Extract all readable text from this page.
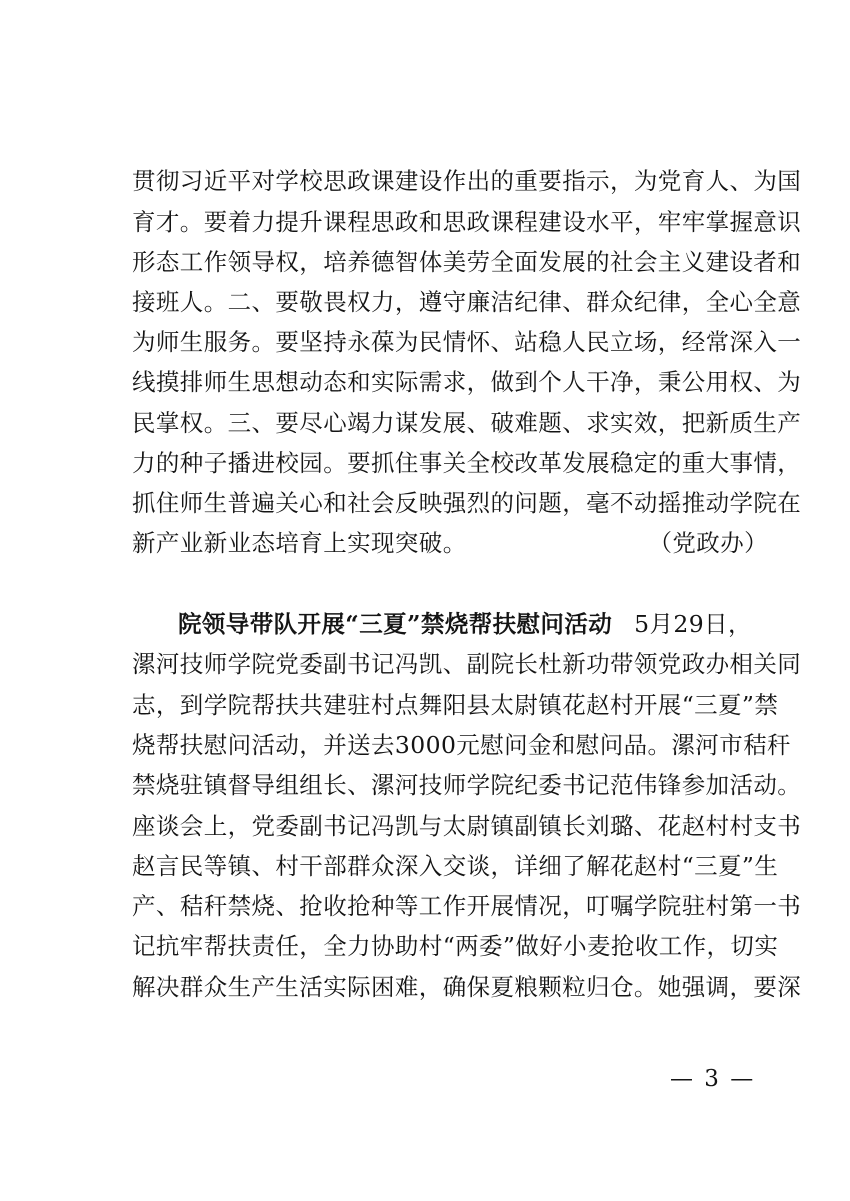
贯彻习近平对学校思政课建设作出的重要指示，为党育人、为国
育才。要着力提升课程思政和思政课程建设水平，牢牢掌握意识
形态工作领导权，培养德智体美劳全面发展的社会主义建设者和
接班人。二、要敬畏权力，遵守廉洁纪律、群众纪律，全心全意
为师生服务。要坚持永葆为民情怀、站稳人民立场，经常深入一
线摸排师生思想动态和实际需求，做到个人干净，秉公用权、为
民掌权。三、要尽心竭力谋发展、破难题、求实效，把新质生产
力的种子播进校园。要抓住事关全校改革发展稳定的重大事情，
抓住师生普遍关心和社会反映强烈的问题，毫不动摇推动学院在
新产业新业态培育上实现突破。	（党政办）
院领导带队开展“三夏”禁烧帮扶慰问活动 5月29日，
漯河技师学院党委副书记冯凯、副院长杜新功带领党政办相关同
志，到学院帮扶共建驻村点舞阳县太尉镇花赵村开展“三夏”禁
烧帮扶慰问活动，并送去3000元慰问金和慰问品。漯河市秸秆
禁烧驻镇督导组组长、漯河技师学院纪委书记范伟锋参加活动。
座谈会上，党委副书记冯凯与太尉镇副镇长刘璐、花赵村村支书
赵言民等镇、村干部群众深入交谈，详细了解花赵村“三夏”生
产、秸秆禁烧、抢收抢种等工作开展情况，叮嘱学院驻村第一书
记抗牢帮扶责任，全力协助村“两委”做好小麦抢收工作，切实
解决群众生产生活实际困难，确保夏粮颗粒归仓。她强调，要深
— 3 —
